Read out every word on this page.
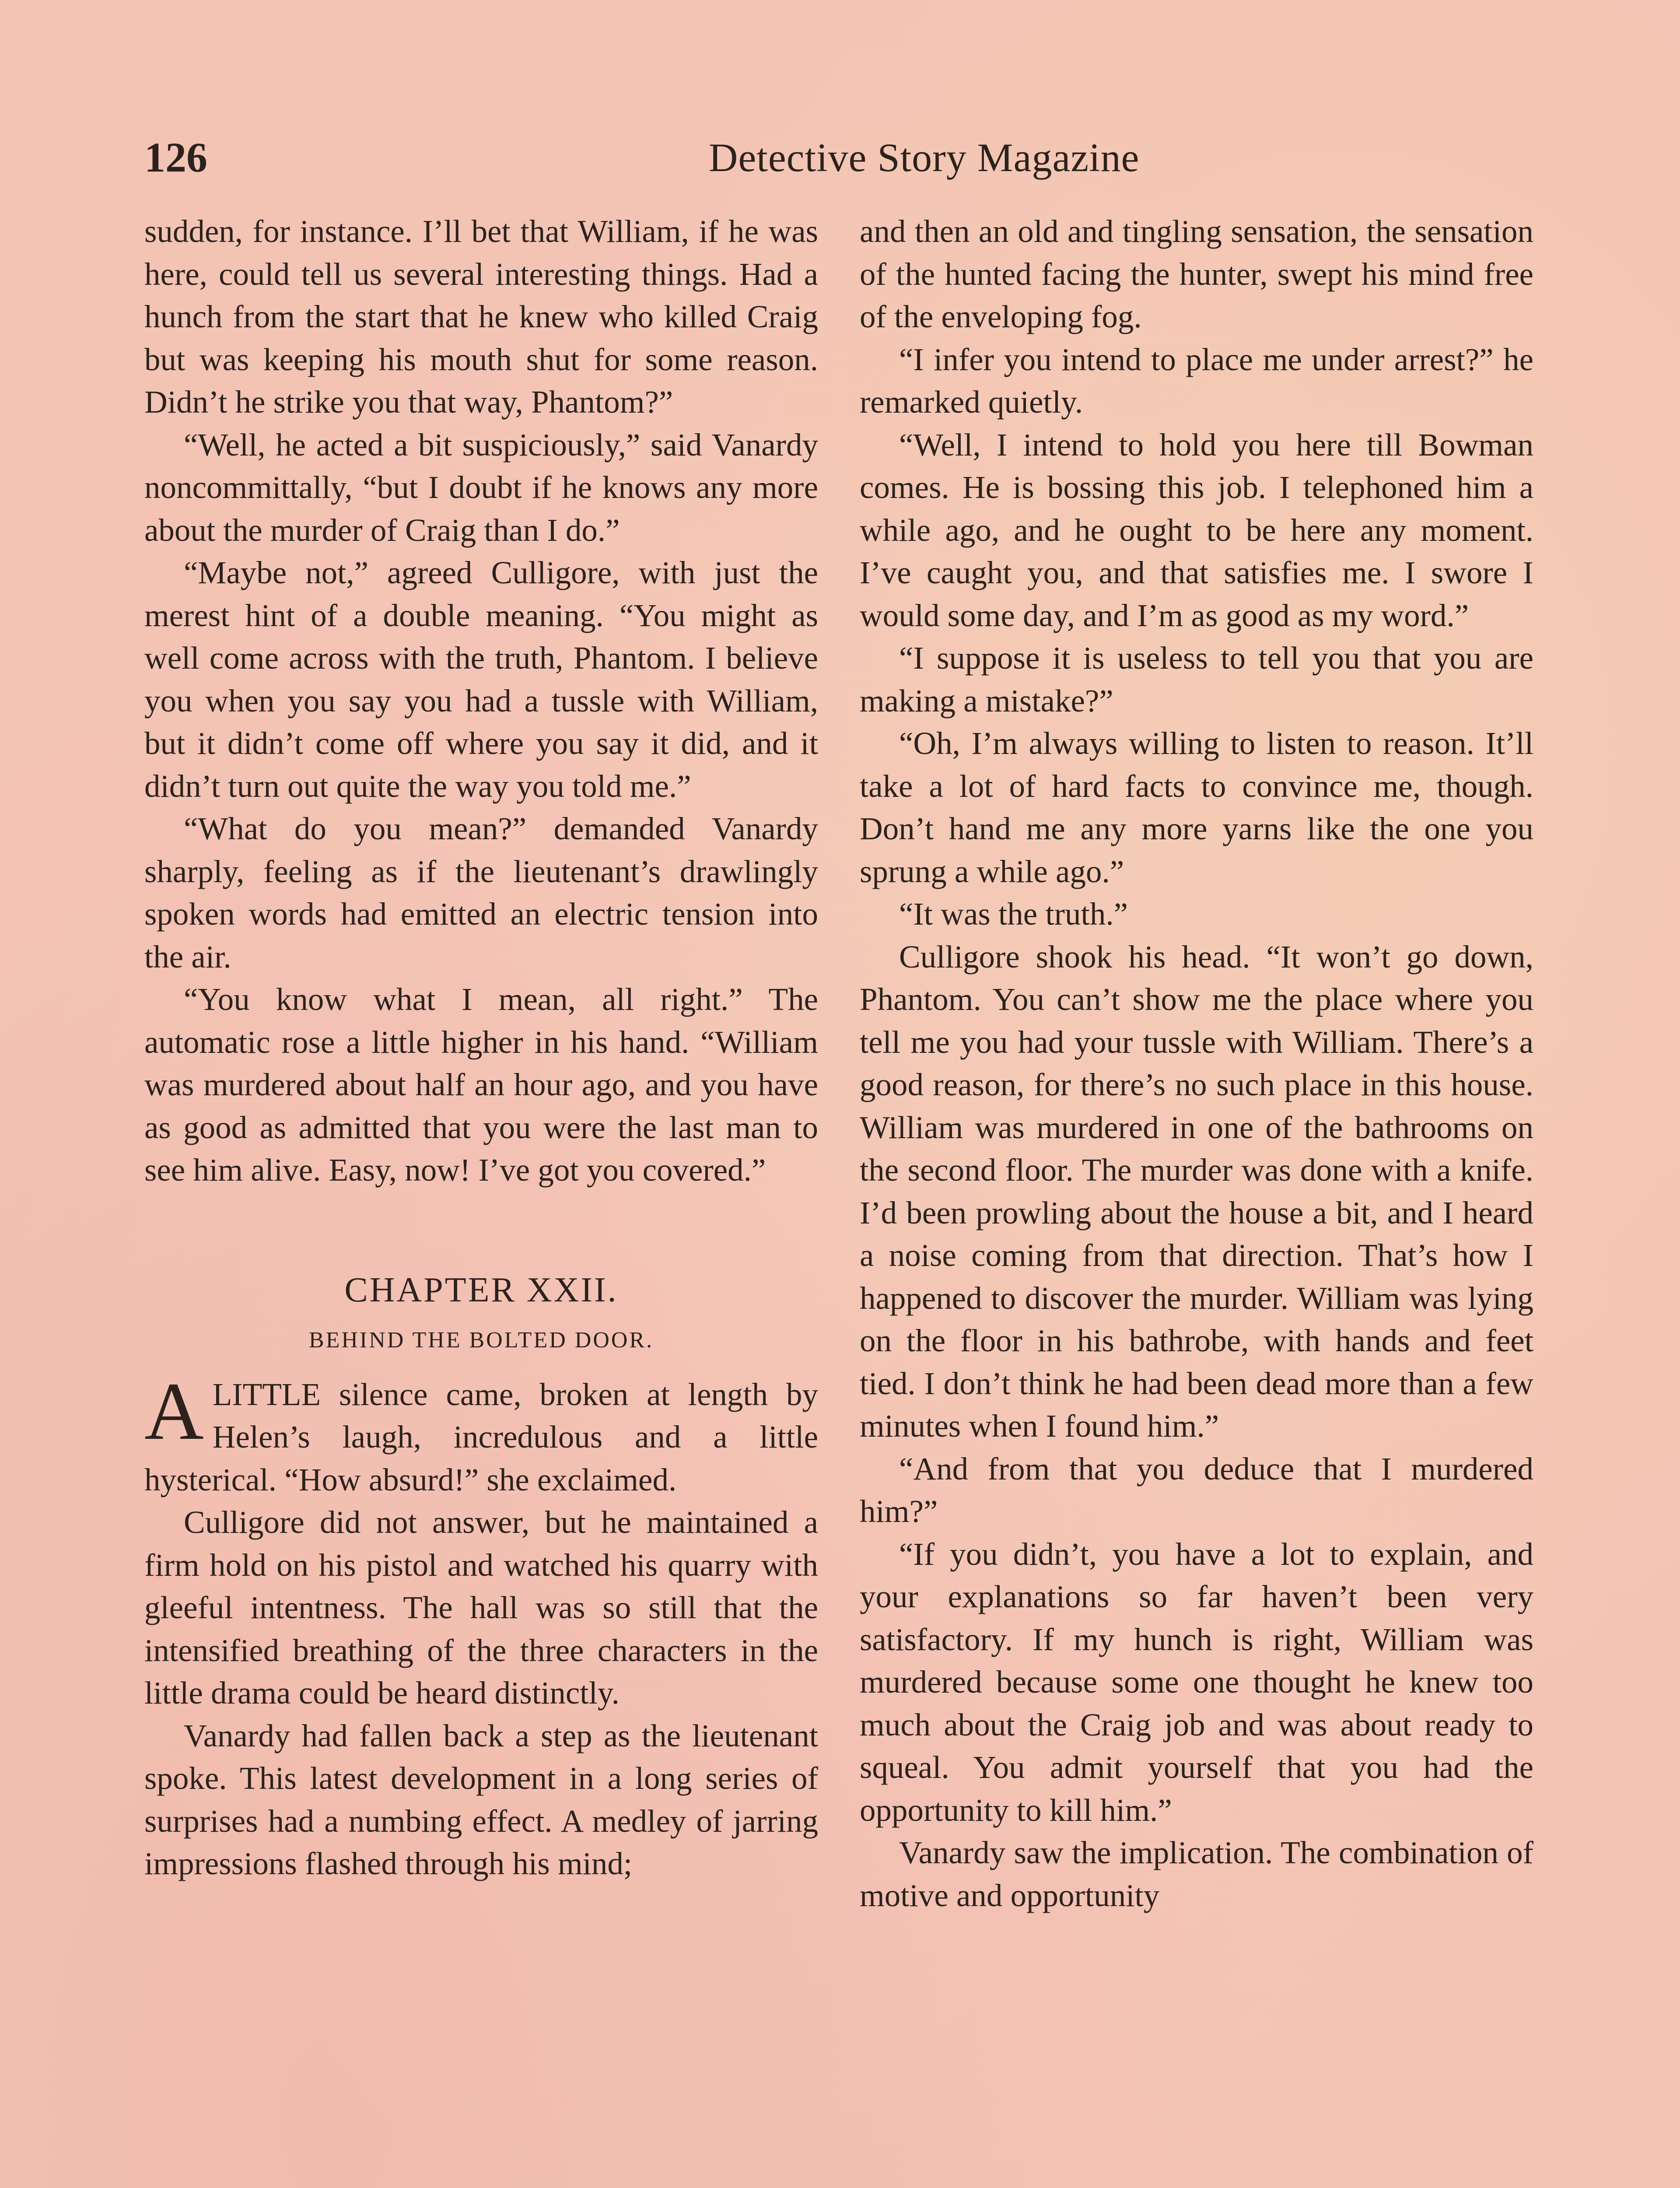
126	Detective Story Magazine

sudden, for instance. I’ll bet that William, if he was here, could tell us several interesting things. Had a hunch from the start that he knew who killed Craig but was keeping his mouth shut for some reason. Didn’t he strike you that way, Phantom?”

“Well, he acted a bit suspiciously,” said Vanardy noncommittally, “but I doubt if he knows any more about the murder of Craig than I do.”

“Maybe not,” agreed Culligore, with just the merest hint of a double meaning. “You might as well come across with the truth, Phantom. I believe you when you say you had a tussle with William, but it didn’t come off where you say it did, and it didn’t turn out quite the way you told me.”

“What do you mean?” demanded Vanardy sharply, feeling as if the lieutenant’s drawlingly spoken words had emitted an electric tension into the air.

“You know what I mean, all right.” The automatic rose a little higher in his hand. “William was murdered about half an hour ago, and you have as good as admitted that you were the last man to see him alive. Easy, now! I’ve got you covered.”

CHAPTER XXII.
BEHIND THE BOLTED DOOR.

ALITTLE silence came, broken at length by Helen’s laugh, incredulous and a little hysterical. “How absurd!” she exclaimed.

Culligore did not answer, but he maintained a firm hold on his pistol and watched his quarry with gleeful intentness. The hall was so still that the intensified breathing of the three characters in the little drama could be heard distinctly.

Vanardy had fallen back a step as the lieutenant spoke. This latest development in a long series of surprises had a numbing effect. A medley of jarring impressions flashed through his mind;

and then an old and tingling sensation, the sensation of the hunted facing the hunter, swept his mind free of the enveloping fog.

“I infer you intend to place me under arrest?” he remarked quietly.

“Well, I intend to hold you here till Bowman comes. He is bossing this job. I telephoned him a while ago, and he ought to be here any moment. I’ve caught you, and that satisfies me. I swore I would some day, and I’m as good as my word.”

“I suppose it is useless to tell you that you are making a mistake?”

“Oh, I’m always willing to listen to reason. It’ll take a lot of hard facts to convince me, though. Don’t hand me any more yarns like the one you sprung a while ago.”

“It was the truth.”

Culligore shook his head. “It won’t go down, Phantom. You can’t show me the place where you tell me you had your tussle with William. There’s a good reason, for there’s no such place in this house. William was murdered in one of the bathrooms on the second floor. The murder was done with a knife. I’d been prowling about the house a bit, and I heard a noise coming from that direction. That’s how I happened to discover the murder. William was lying on the floor in his bathrobe, with hands and feet tied. I don’t think he had been dead more than a few minutes when I found him.”

“And from that you deduce that I murdered him?”

“If you didn’t, you have a lot to explain, and your explanations so far haven’t been very satisfactory. If my hunch is right, William was murdered because some one thought he knew too much about the Craig job and was about ready to squeal. You admit yourself that you had the opportunity to kill him.”

Vanardy saw the implication. The combination of motive and opportunity
